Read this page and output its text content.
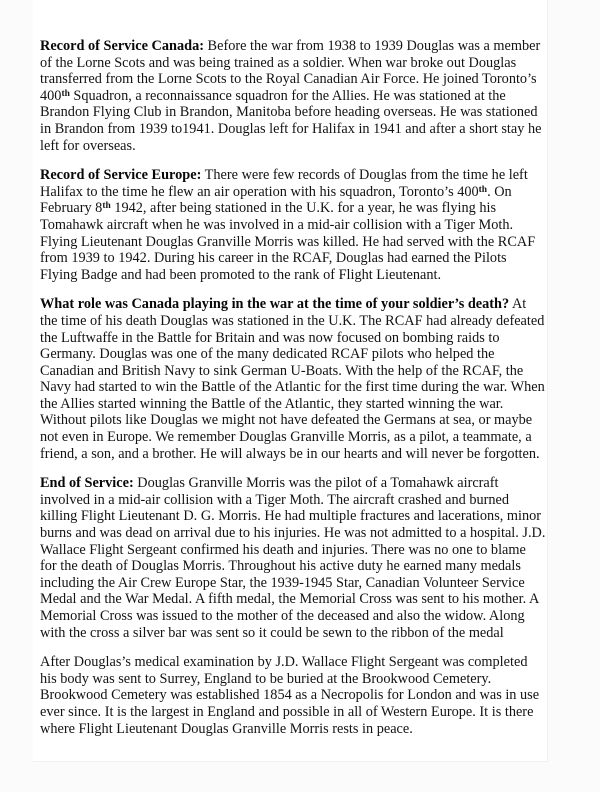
Record of Service Canada: Before the war from 1938 to 1939 Douglas was a member of the Lorne Scots and was being trained as a soldier. When war broke out Douglas transferred from the Lorne Scots to the Royal Canadian Air Force. He joined Toronto’s 400th Squadron, a reconnaissance squadron for the Allies. He was stationed at the Brandon Flying Club in Brandon, Manitoba before heading overseas. He was stationed in Brandon from 1939 to1941. Douglas left for Halifax in 1941 and after a short stay he left for overseas.

Record of Service Europe: There were few records of Douglas from the time he left Halifax to the time he flew an air operation with his squadron, Toronto’s 400th. On February 8th 1942, after being stationed in the U.K. for a year, he was flying his Tomahawk aircraft when he was involved in a mid-air collision with a Tiger Moth. Flying Lieutenant Douglas Granville Morris was killed. He had served with the RCAF from 1939 to 1942. During his career in the RCAF, Douglas had earned the Pilots Flying Badge and had been promoted to the rank of Flight Lieutenant.

What role was Canada playing in the war at the time of your soldier’s death? At the time of his death Douglas was stationed in the U.K. The RCAF had already defeated the Luftwaffe in the Battle for Britain and was now focused on bombing raids to Germany. Douglas was one of the many dedicated RCAF pilots who helped the Canadian and British Navy to sink German U-Boats. With the help of the RCAF, the Navy had started to win the Battle of the Atlantic for the first time during the war. When the Allies started winning the Battle of the Atlantic, they started winning the war. Without pilots like Douglas we might not have defeated the Germans at sea, or maybe not even in Europe. We remember Douglas Granville Morris, as a pilot, a teammate, a friend, a son, and a brother. He will always be in our hearts and will never be forgotten.

End of Service: Douglas Granville Morris was the pilot of a Tomahawk aircraft involved in a mid-air collision with a Tiger Moth. The aircraft crashed and burned killing Flight Lieutenant D. G. Morris. He had multiple fractures and lacerations, minor burns and was dead on arrival due to his injuries. He was not admitted to a hospital. J.D. Wallace Flight Sergeant confirmed his death and injuries. There was no one to blame for the death of Douglas Morris. Throughout his active duty he earned many medals including the Air Crew Europe Star, the 1939-1945 Star, Canadian Volunteer Service Medal and the War Medal. A fifth medal, the Memorial Cross was sent to his mother. A Memorial Cross was issued to the mother of the deceased and also the widow. Along with the cross a silver bar was sent so it could be sewn to the ribbon of the medal

After Douglas’s medical examination by J.D. Wallace Flight Sergeant was completed his body was sent to Surrey, England to be buried at the Brookwood Cemetery. Brookwood Cemetery was established 1854 as a Necropolis for London and was in use ever since. It is the largest in England and possible in all of Western Europe. It is there where Flight Lieutenant Douglas Granville Morris rests in peace.
